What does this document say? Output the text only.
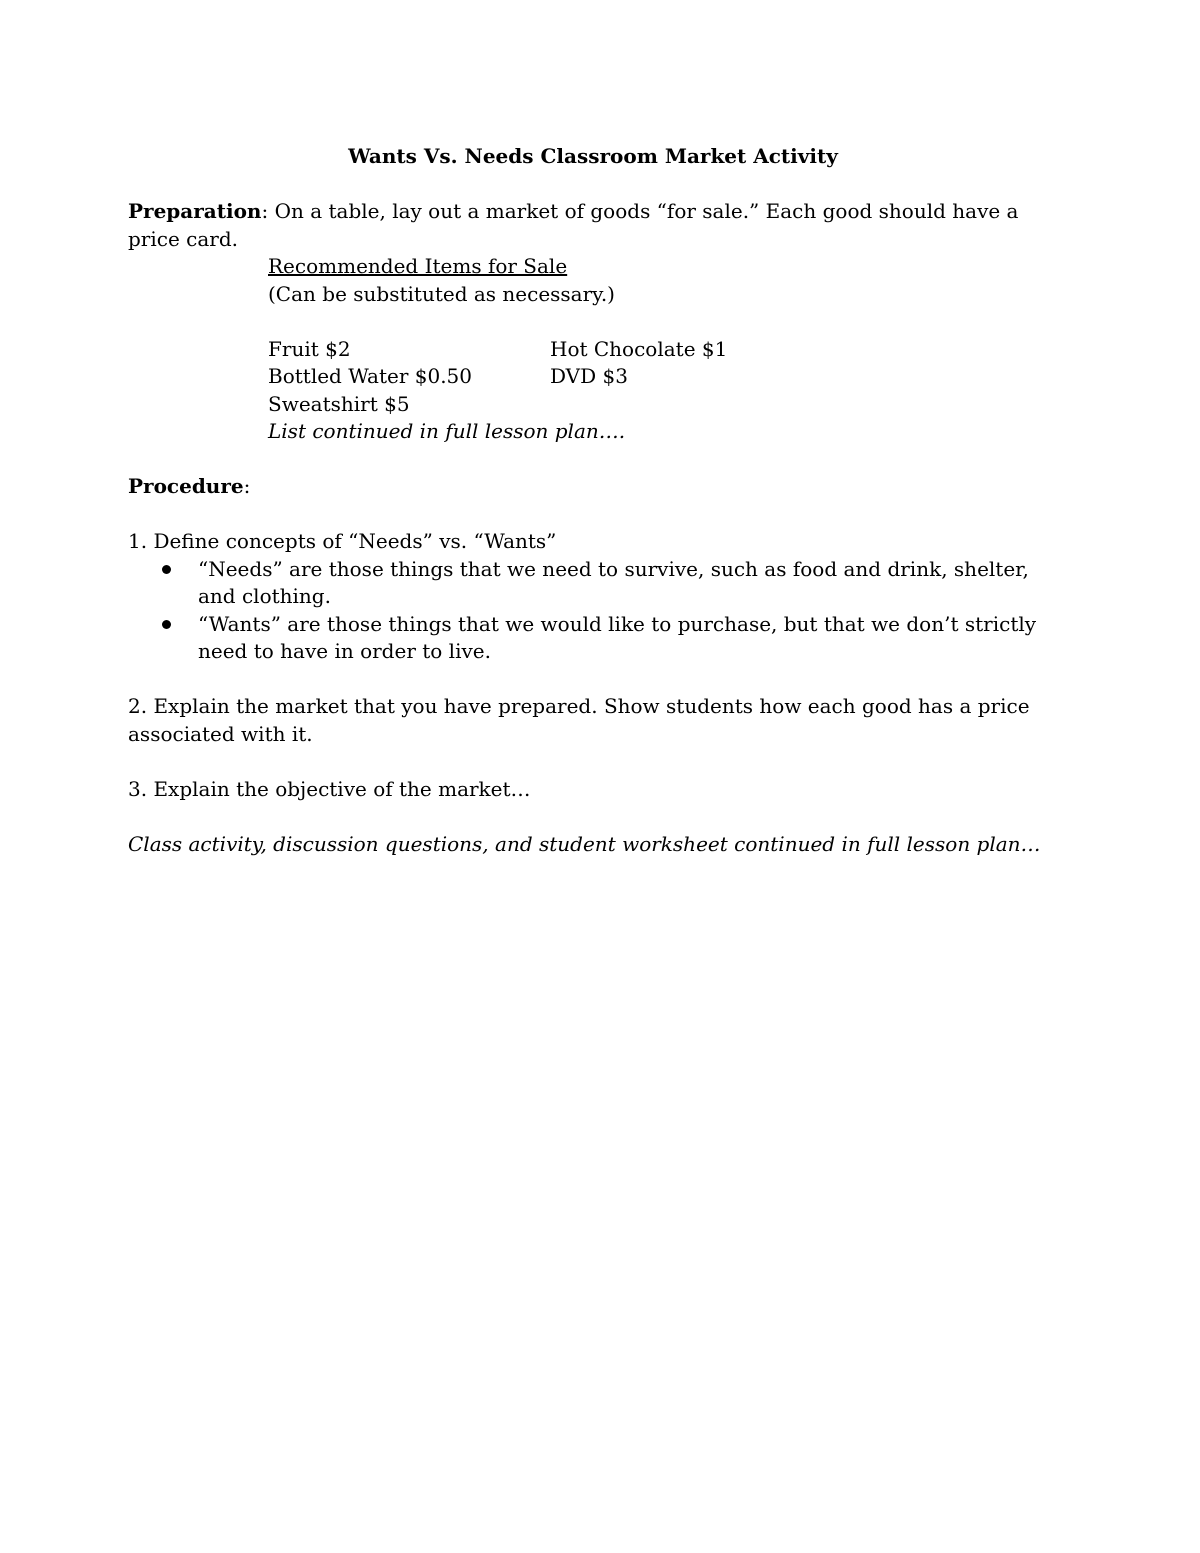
Wants Vs. Needs Classroom Market Activity

Preparation: On a table, lay out a market of goods “for sale.” Each good should have a price card.

Recommended Items for Sale

(Can be substituted as necessary.)

Fruit $2	Hot Chocolate $1
Bottled Water $0.50	DVD $3
Sweatshirt $5

List continued in full lesson plan….

Procedure:

1. Define concepts of “Needs” vs. “Wants”

“Needs” are those things that we need to survive, such as food and drink, shelter, and clothing.
“Wants” are those things that we would like to purchase, but that we don’t strictly need to have in order to live.

2. Explain the market that you have prepared. Show students how each good has a price associated with it.

3. Explain the objective of the market…

Class activity, discussion questions, and student worksheet continued in full lesson plan…
